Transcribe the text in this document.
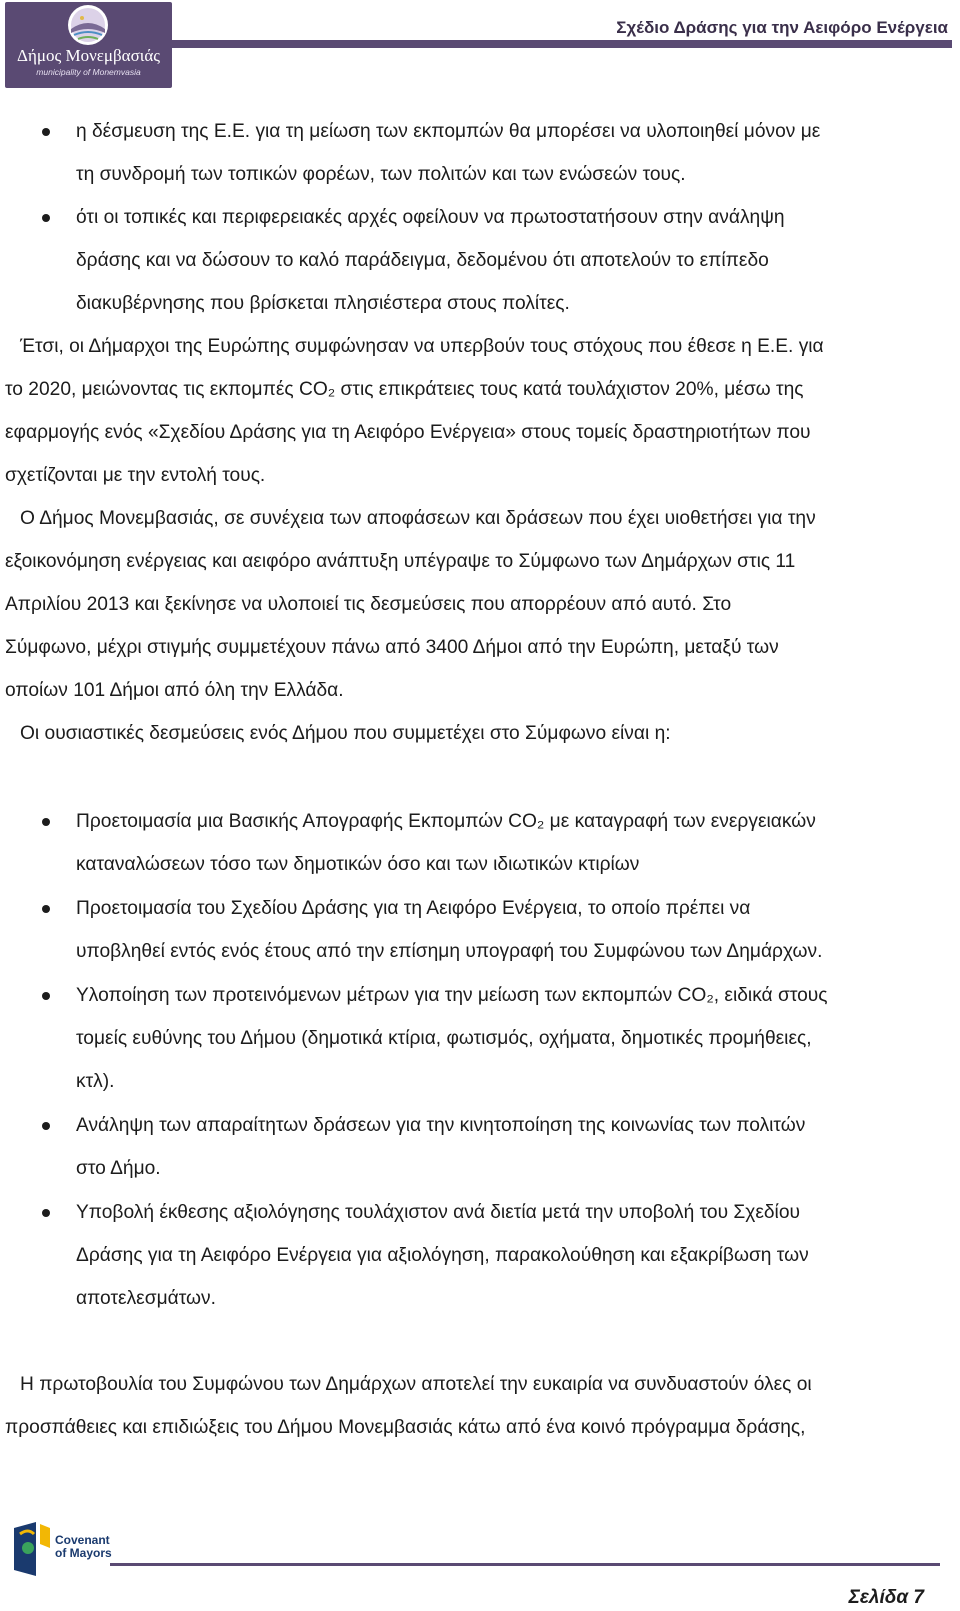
Δήμος Μονεμβασιάς
municipality of Monemvasia
Σχέδιο Δράσης για την Αειφόρο Ενέργεια
η δέσμευση της Ε.Ε. για τη μείωση των εκπομπών θα μπορέσει να υλοποιηθεί μόνον με
τη συνδρομή των τοπικών φορέων, των πολιτών και των ενώσεών τους.
ότι οι τοπικές και περιφερειακές αρχές οφείλουν να πρωτοστατήσουν στην ανάληψη
δράσης και να δώσουν το καλό παράδειγμα, δεδομένου ότι αποτελούν το επίπεδο
διακυβέρνησης που βρίσκεται πλησιέστερα στους πολίτες.
Έτσι, οι Δήμαρχοι της Ευρώπης συμφώνησαν να υπερβούν τους στόχους που έθεσε η Ε.Ε. για
το 2020, μειώνοντας τις εκπομπές CO₂ στις επικράτειες τους κατά τουλάχιστον 20%, μέσω της
εφαρμογής ενός «Σχεδίου Δράσης για τη Αειφόρο Ενέργεια» στους τομείς δραστηριοτήτων που
σχετίζονται με την εντολή τους.
Ο Δήμος Μονεμβασιάς, σε συνέχεια των αποφάσεων και δράσεων που έχει υιοθετήσει για την
εξοικονόμηση ενέργειας και αειφόρο ανάπτυξη υπέγραψε το Σύμφωνο των Δημάρχων στις 11
Απριλίου 2013 και ξεκίνησε να υλοποιεί τις δεσμεύσεις που απορρέουν από αυτό. Στο
Σύμφωνο, μέχρι στιγμής συμμετέχουν πάνω από 3400 Δήμοι από την Ευρώπη, μεταξύ των
οποίων 101 Δήμοι από όλη την Ελλάδα.
Οι ουσιαστικές δεσμεύσεις ενός Δήμου που συμμετέχει στο Σύμφωνο είναι η:
Προετοιμασία μια Βασικής Απογραφής Εκπομπών CO₂ με καταγραφή των ενεργειακών
καταναλώσεων τόσο των δημοτικών όσο και των ιδιωτικών κτιρίων
Προετοιμασία του Σχεδίου Δράσης για τη Αειφόρο Ενέργεια, το οποίο πρέπει να
υποβληθεί εντός ενός έτους από την επίσημη υπογραφή του Συμφώνου των Δημάρχων.
Υλοποίηση των προτεινόμενων μέτρων για την μείωση των εκπομπών CO₂, ειδικά στους
τομείς ευθύνης του Δήμου (δημοτικά κτίρια, φωτισμός, οχήματα, δημοτικές προμήθειες,
κτλ).
Ανάληψη των απαραίτητων δράσεων για την κινητοποίηση της κοινωνίας των πολιτών
στο Δήμο.
Υποβολή έκθεσης αξιολόγησης τουλάχιστον ανά διετία μετά την υποβολή του Σχεδίου
Δράσης για τη Αειφόρο Ενέργεια για αξιολόγηση, παρακολούθηση και εξακρίβωση των
αποτελεσμάτων.
Η πρωτοβουλία του Συμφώνου των Δημάρχων αποτελεί την ευκαιρία να συνδυαστούν όλες οι
προσπάθειες και επιδιώξεις του Δήμου Μονεμβασιάς κάτω από ένα κοινό πρόγραμμα δράσης,
Covenant
of Mayors
Σελίδα 7
